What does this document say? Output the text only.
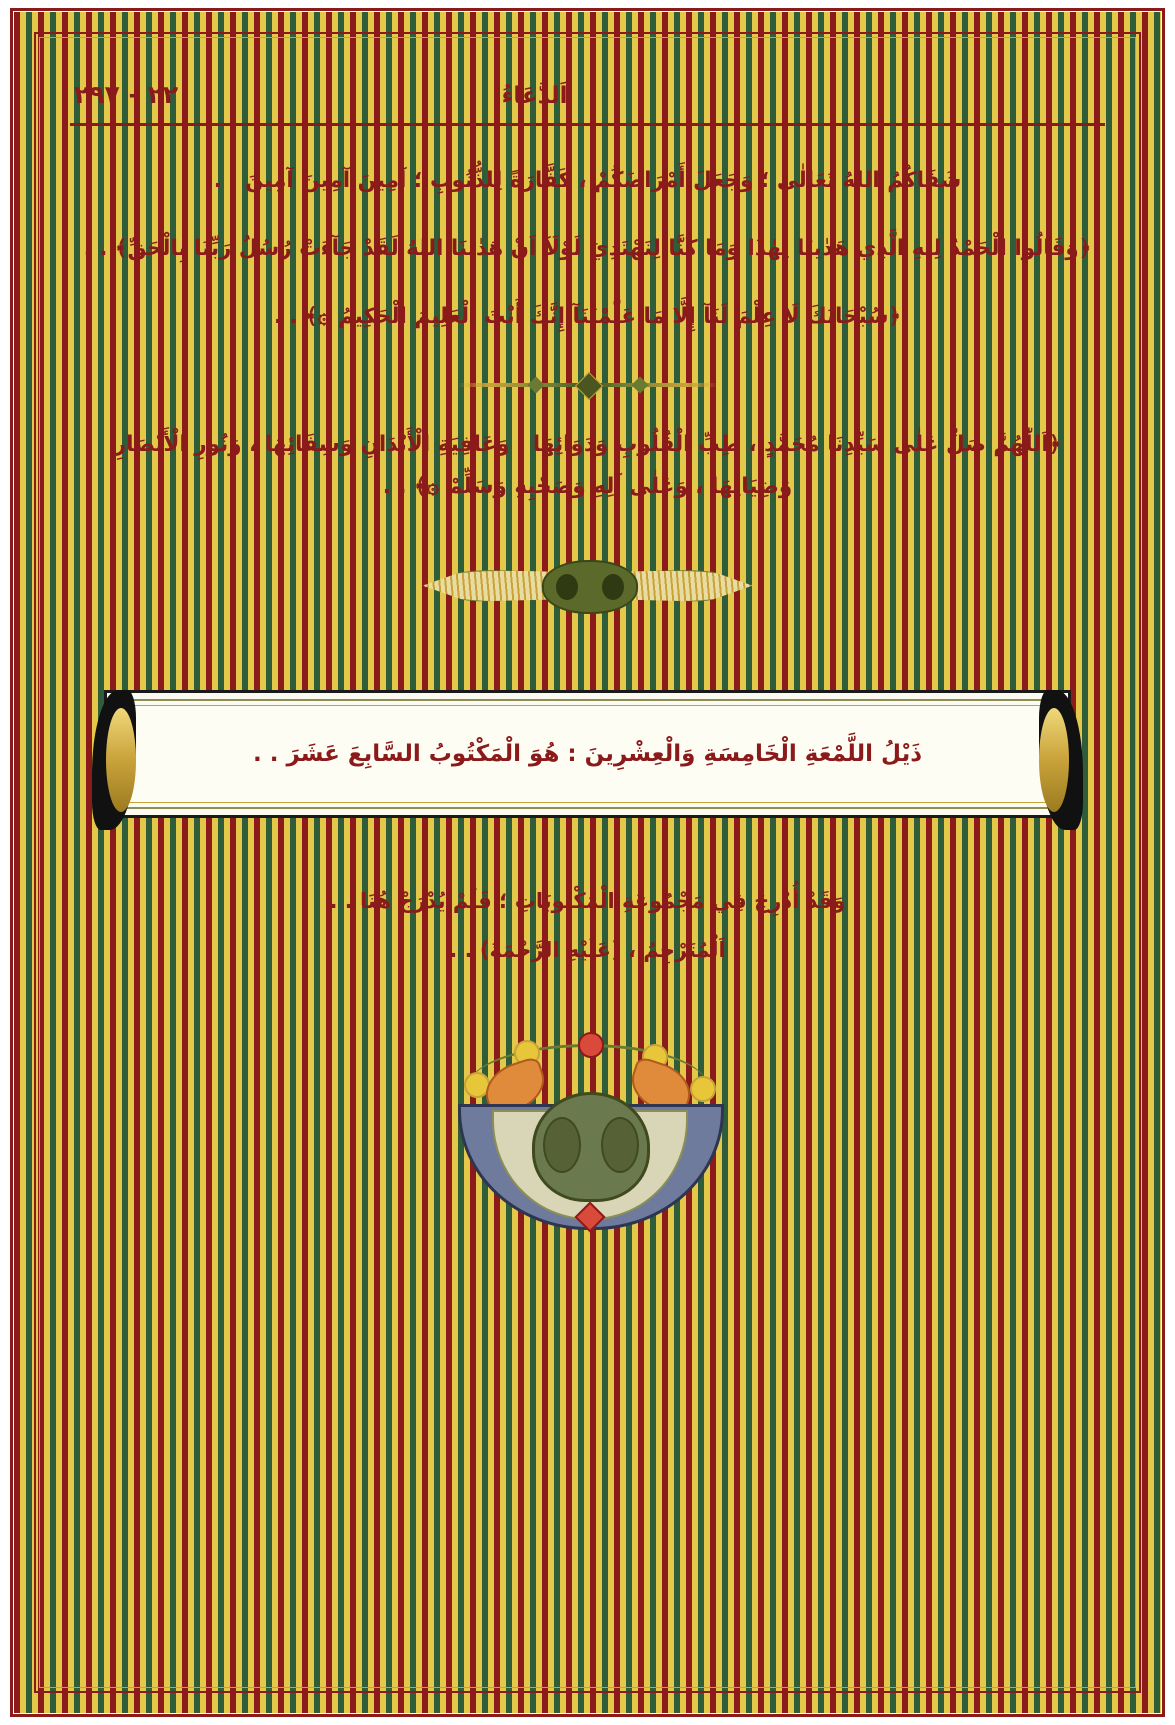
٢٢ - ٢٩٧	اَلدُّعَاءُ

شَفَاكُمُ اللهُ تَعَالٰى ؛ وَجَعَلَ أَمْرَاضَكُمْ ، كَفَّارَةً لِلذُّنُوبِ ؛ آمِينَ آمِينَ آمِينَ . .

﴿وَقَالُوا الْحَمْدُ لِلهِ الَّذِي هَدٰينَا لِهٰذَا وَمَا كُنَّا لِنَهْتَدِيَ لَوْلَآ اَنْ هَدٰينَا اللهُ لَقَدْ جَآءَتْ رُسُلُ رَبِّنَا بِالْحَقِّ﴾ . .

﴿سُبْحَانَكَ لَا عِلْمَ لَنَآ إِلَّا مَا عَلَّمْتَنَآ إِنَّكَ أَنْتَ الْعَلِيمُ الْحَكِيمُ ۞﴾ . .

﴿اَللّٰهُمَّ صَلِّ عَلٰى سَيِّدِنَا مُحَمَّدٍ ، طِبِّ الْقُلُوبِ وَدَوَائِهَا ، وَعَافِيَةِ الْأَبْدَانِ وَشِفَائِهَا ، وَنُورِ الْأَبْصَارِ وَضِيَائِهَا ، وَعَلٰى آلِهِ وَصَحْبِهِ وَسَلِّمْ ۞﴾ . .

ذَيْلُ اللَّمْعَةِ الْخَامِسَةِ وَالْعِشْرِينَ : هُوَ الْمَكْتُوبُ السَّابِعَ عَشَرَ . .
وَقَدْ أُدْرِجَ فِي مَجْمُوعَةِ الْمَكْتُوبَاتِ ؛ فَلَمْ يُدْرَجْ هُنَا . .
اَلْمُتَرْجِمُ ، (عَلَيْهِ الرَّحْمَةُ) . .
